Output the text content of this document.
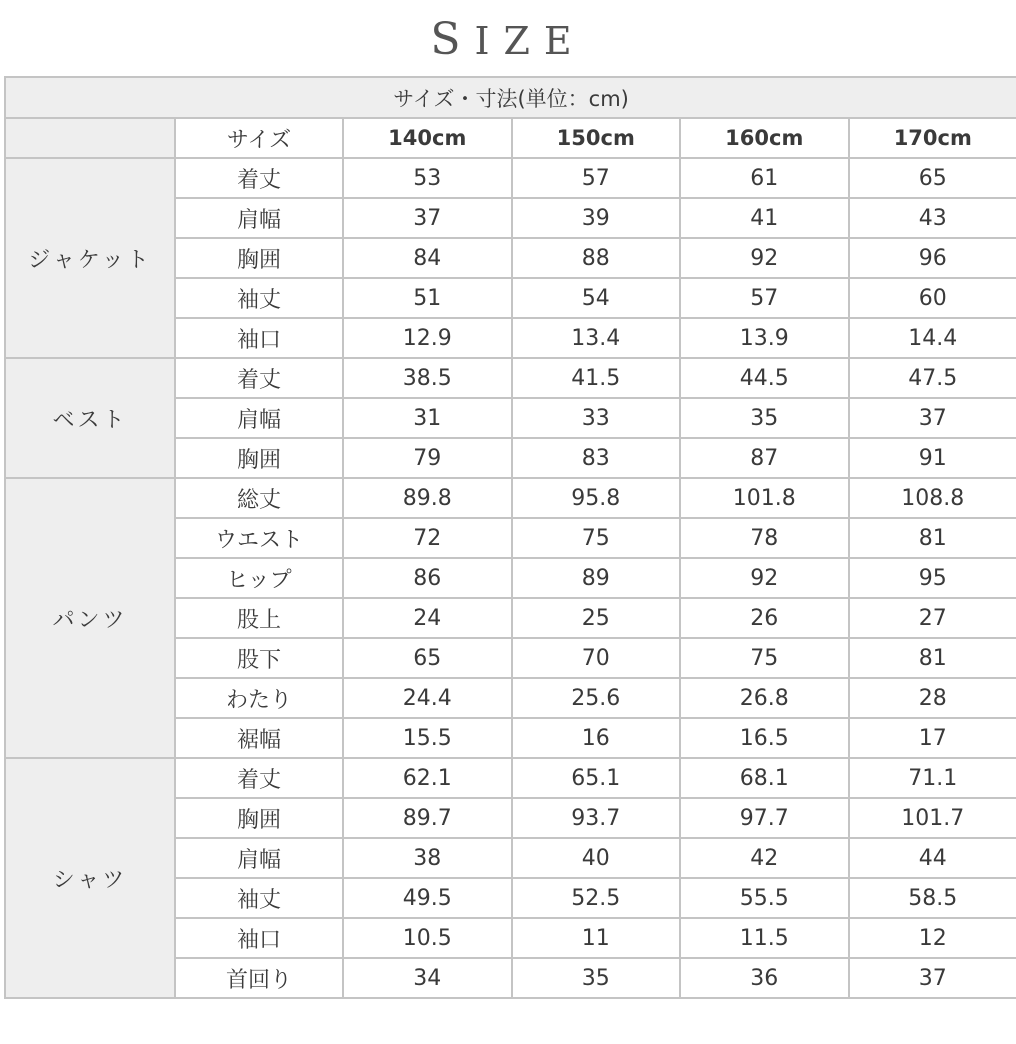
SIZE
サイズ・寸法(単位：cm)					
	サイズ	140cm	150cm	160cm	170cm
ジャケット	着丈	53	57	61	65
	肩幅	37	39	41	43
	胸囲	84	88	92	96
	袖丈	51	54	57	60
	袖口	12.9	13.4	13.9	14.4
ベスト	着丈	38.5	41.5	44.5	47.5
	肩幅	31	33	35	37
	胸囲	79	83	87	91
パンツ	総丈	89.8	95.8	101.8	108.8
	ウエスト	72	75	78	81
	ヒップ	86	89	92	95
	股上	24	25	26	27
	股下	65	70	75	81
	わたり	24.4	25.6	26.8	28
	裾幅	15.5	16	16.5	17
シャツ	着丈	62.1	65.1	68.1	71.1
	胸囲	89.7	93.7	97.7	101.7
	肩幅	38	40	42	44
	袖丈	49.5	52.5	55.5	58.5
	袖口	10.5	11	11.5	12
	首回り	34	35	36	37
